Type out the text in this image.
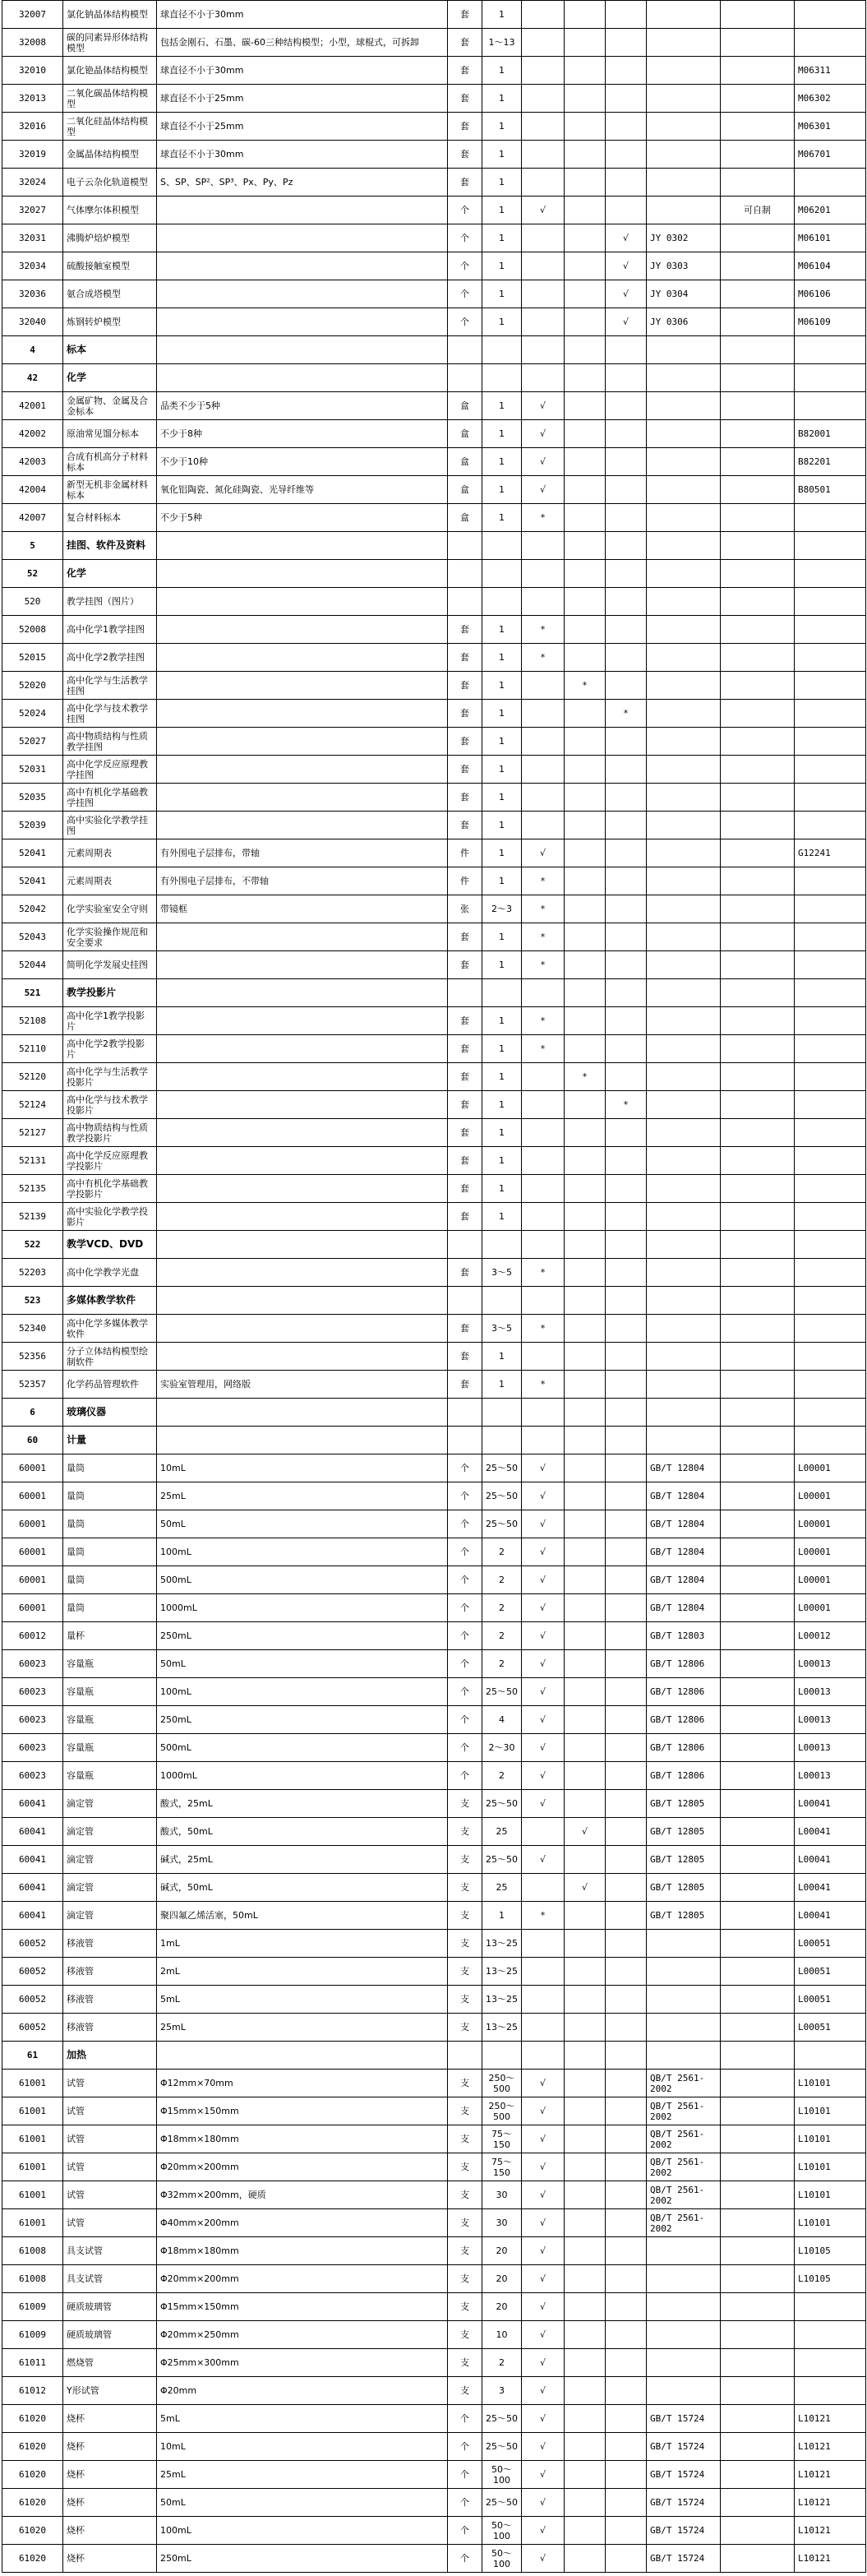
32007	氯化钠晶体结构模型	球直径不小于30mm	套	1						
32008	碳的同素异形体结构模型	包括金刚石、石墨、碳-60三种结构模型；小型，球棍式，可拆卸	套	1～13						
32010	氯化铯晶体结构模型	球直径不小于30mm	套	1						M06311
32013	二氧化碳晶体结构模型	球直径不小于25mm	套	1						M06302
32016	二氧化硅晶体结构模型	球直径不小于25mm	套	1						M06301
32019	金属晶体结构模型	球直径不小于30mm	套	1						M06701
32024	电子云杂化轨道模型	S、SP、SP²、SP³、Px、Py、Pz	套	1						
32027	气体摩尔体积模型		个	1	√				可自制	M06201
32031	沸腾炉焙炉模型		个	1			√	JY 0302		M06101
32034	硫酸接触室模型		个	1			√	JY 0303		M06104
32036	氨合成塔模型		个	1			√	JY 0304		M06106
32040	炼钢转炉模型		个	1			√	JY 0306		M06109
4	标本									
42	化学									
42001	金属矿物、金属及合金标本	品类不少于5种	盒	1	√					
42002	原油常见馏分标本	不少于8种	盒	1	√					B82001
42003	合成有机高分子材料标本	不少于10种	盒	1	√					B82201
42004	新型无机非金属材料标本	氧化铝陶瓷、氮化硅陶瓷、光导纤维等	盒	1	√					B80501
42007	复合材料标本	不少于5种	盒	1	*					
5	挂图、软件及资料									
52	化学									
520	教学挂图（图片）									
52008	高中化学1教学挂图		套	1	*					
52015	高中化学2教学挂图		套	1	*					
52020	高中化学与生活教学挂图		套	1		*				
52024	高中化学与技术教学挂图		套	1			*			
52027	高中物质结构与性质教学挂图		套	1						
52031	高中化学反应原理教学挂图		套	1						
52035	高中有机化学基础教学挂图		套	1						
52039	高中实验化学教学挂图		套	1						
52041	元素周期表	有外围电子层排布，带轴	件	1	√					G12241
52041	元素周期表	有外围电子层排布，不带轴	件	1	*					
52042	化学实验室安全守则	带镜框	张	2～3	*					
52043	化学实验操作规范和安全要求		套	1	*					
52044	简明化学发展史挂图		套	1	*					
521	教学投影片									
52108	高中化学1教学投影片		套	1	*					
52110	高中化学2教学投影片		套	1	*					
52120	高中化学与生活教学投影片		套	1		*				
52124	高中化学与技术教学投影片		套	1			*			
52127	高中物质结构与性质教学投影片		套	1						
52131	高中化学反应原理教学投影片		套	1						
52135	高中有机化学基础教学投影片		套	1						
52139	高中实验化学教学投影片		套	1						
522	教学VCD、DVD									
52203	高中化学教学光盘		套	3～5	*					
523	多媒体教学软件									
52340	高中化学多媒体教学软件		套	3～5	*					
52356	分子立体结构模型绘制软件		套	1						
52357	化学药品管理软件	实验室管理用，网络版	套	1	*					
6	玻璃仪器									
60	计量									
60001	量筒	10mL	个	25～50	√			GB/T 12804		L00001
60001	量筒	25mL	个	25～50	√			GB/T 12804		L00001
60001	量筒	50mL	个	25～50	√			GB/T 12804		L00001
60001	量筒	100mL	个	2	√			GB/T 12804		L00001
60001	量筒	500mL	个	2	√			GB/T 12804		L00001
60001	量筒	1000mL	个	2	√			GB/T 12804		L00001
60012	量杯	250mL	个	2	√			GB/T 12803		L00012
60023	容量瓶	50mL	个	2	√			GB/T 12806		L00013
60023	容量瓶	100mL	个	25～50	√			GB/T 12806		L00013
60023	容量瓶	250mL	个	4	√			GB/T 12806		L00013
60023	容量瓶	500mL	个	2～30	√			GB/T 12806		L00013
60023	容量瓶	1000mL	个	2	√			GB/T 12806		L00013
60041	滴定管	酸式，25mL	支	25～50	√			GB/T 12805		L00041
60041	滴定管	酸式，50mL	支	25		√		GB/T 12805		L00041
60041	滴定管	碱式，25mL	支	25～50	√			GB/T 12805		L00041
60041	滴定管	碱式，50mL	支	25		√		GB/T 12805		L00041
60041	滴定管	聚四氟乙烯活塞，50mL	支	1	*			GB/T 12805		L00041
60052	移液管	1mL	支	13～25						L00051
60052	移液管	2mL	支	13～25						L00051
60052	移液管	5mL	支	13～25						L00051
60052	移液管	25mL	支	13～25						L00051
61	加热									
61001	试管	Φ12mm×70mm	支	250～500	√			QB/T 2561-2002		L10101
61001	试管	Φ15mm×150mm	支	250～500	√			QB/T 2561-2002		L10101
61001	试管	Φ18mm×180mm	支	75～150	√			QB/T 2561-2002		L10101
61001	试管	Φ20mm×200mm	支	75～150	√			QB/T 2561-2002		L10101
61001	试管	Φ32mm×200mm，硬质	支	30	√			QB/T 2561-2002		L10101
61001	试管	Φ40mm×200mm	支	30	√			QB/T 2561-2002		L10101
61008	具支试管	Φ18mm×180mm	支	20	√					L10105
61008	具支试管	Φ20mm×200mm	支	20	√					L10105
61009	硬质玻璃管	Φ15mm×150mm	支	20	√					
61009	硬质玻璃管	Φ20mm×250mm	支	10	√					
61011	燃烧管	Φ25mm×300mm	支	2	√					
61012	Y形试管	Φ20mm	支	3	√					
61020	烧杯	5mL	个	25～50	√			GB/T 15724		L10121
61020	烧杯	10mL	个	25～50	√			GB/T 15724		L10121
61020	烧杯	25mL	个	50～100	√			GB/T 15724		L10121
61020	烧杯	50mL	个	25～50	√			GB/T 15724		L10121
61020	烧杯	100mL	个	50～100	√			GB/T 15724		L10121
61020	烧杯	250mL	个	50～100	√			GB/T 15724		L10121
